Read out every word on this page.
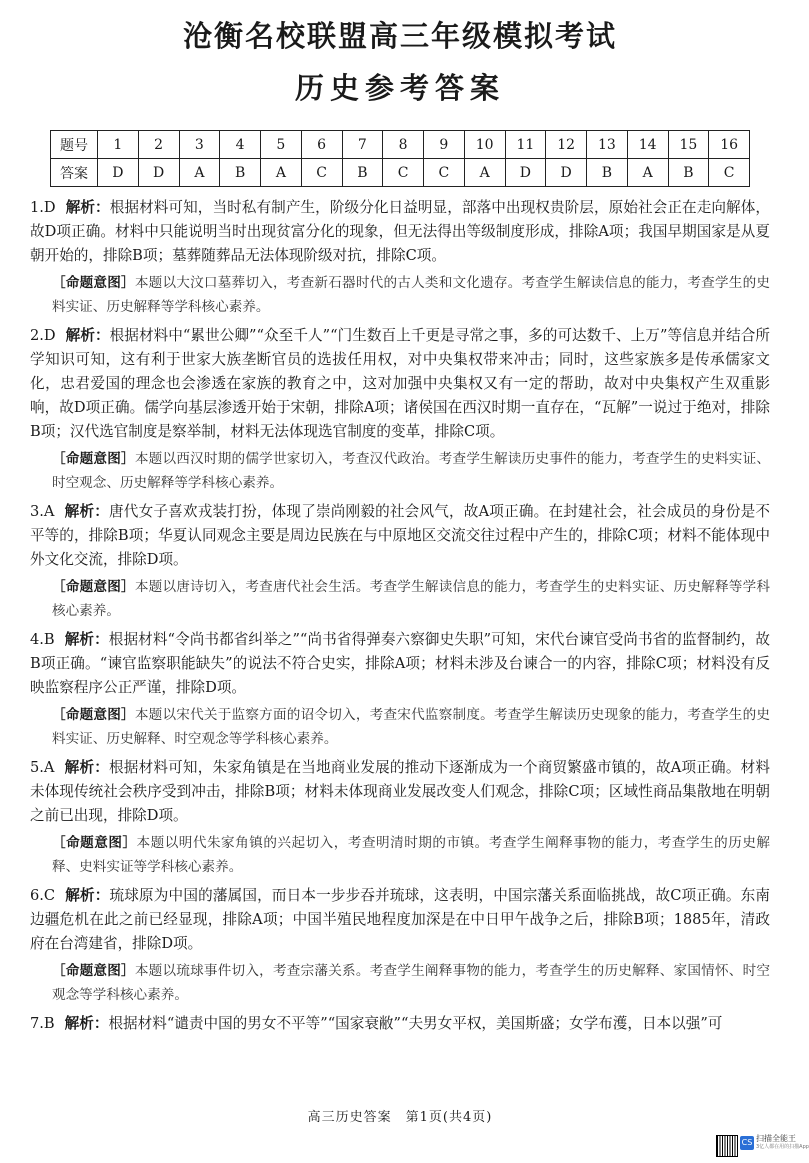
沧衡名校联盟高三年级模拟考试
历史参考答案
题号	1	2	3	4	5	6	7	8	9	10	11	12	13	14	15	16
答案	D	D	A	B	A	C	B	C	C	A	D	D	B	A	B	C

1.D 解析：根据材料可知，当时私有制产生，阶级分化日益明显，部落中出现权贵阶层，原始社会正在走向解体，故D项正确。材料中只能说明当时出现贫富分化的现象，但无法得出等级制度形成，排除A项；我国早期国家是从夏朝开始的，排除B项；墓葬随葬品无法体现阶级对抗，排除C项。

［命题意图］本题以大汶口墓葬切入，考查新石器时代的古人类和文化遗存。考查学生解读信息的能力，考查学生的史料实证、历史解释等学科核心素养。

2.D 解析：根据材料中“累世公卿”“众至千人”“门生数百上千更是寻常之事，多的可达数千、上万”等信息并结合所学知识可知，这有利于世家大族垄断官员的选拔任用权，对中央集权带来冲击；同时，这些家族多是传承儒家文化，忠君爱国的理念也会渗透在家族的教育之中，这对加强中央集权又有一定的帮助，故对中央集权产生双重影响，故D项正确。儒学向基层渗透开始于宋朝，排除A项；诸侯国在西汉时期一直存在，“瓦解”一说过于绝对，排除B项；汉代选官制度是察举制，材料无法体现选官制度的变革，排除C项。

［命题意图］本题以西汉时期的儒学世家切入，考查汉代政治。考查学生解读历史事件的能力，考查学生的史料实证、时空观念、历史解释等学科核心素养。

3.A 解析：唐代女子喜欢戎装打扮，体现了崇尚刚毅的社会风气，故A项正确。在封建社会，社会成员的身份是不平等的，排除B项；华夏认同观念主要是周边民族在与中原地区交流交往过程中产生的，排除C项；材料不能体现中外文化交流，排除D项。

［命题意图］本题以唐诗切入，考查唐代社会生活。考查学生解读信息的能力，考查学生的史料实证、历史解释等学科核心素养。

4.B 解析：根据材料“令尚书都省纠举之”“尚书省得弹奏六察御史失职”可知，宋代台谏官受尚书省的监督制约，故B项正确。“谏官监察职能缺失”的说法不符合史实，排除A项；材料未涉及台谏合一的内容，排除C项；材料没有反映监察程序公正严谨，排除D项。

［命题意图］本题以宋代关于监察方面的诏令切入，考查宋代监察制度。考查学生解读历史现象的能力，考查学生的史料实证、历史解释、时空观念等学科核心素养。

5.A 解析：根据材料可知，朱家角镇是在当地商业发展的推动下逐渐成为一个商贸繁盛市镇的，故A项正确。材料未体现传统社会秩序受到冲击，排除B项；材料未体现商业发展改变人们观念，排除C项；区域性商品集散地在明朝之前已出现，排除D项。

［命题意图］本题以明代朱家角镇的兴起切入，考查明清时期的市镇。考查学生阐释事物的能力，考查学生的历史解释、史料实证等学科核心素养。

6.C 解析：琉球原为中国的藩属国，而日本一步步吞并琉球，这表明，中国宗藩关系面临挑战，故C项正确。东南边疆危机在此之前已经显现，排除A项；中国半殖民地程度加深是在中日甲午战争之后，排除B项；1885年，清政府在台湾建省，排除D项。

［命题意图］本题以琉球事件切入，考查宗藩关系。考查学生阐释事物的能力，考查学生的历史解释、家国情怀、时空观念等学科核心素养。

7.B 解析：根据材料“谴责中国的男女不平等”“国家衰敝”“夫男女平权，美国斯盛；女学布濩，日本以强”可

高三历史答案　第1页(共4页)
CS 扫描全能王
3亿人都在用的扫描App
